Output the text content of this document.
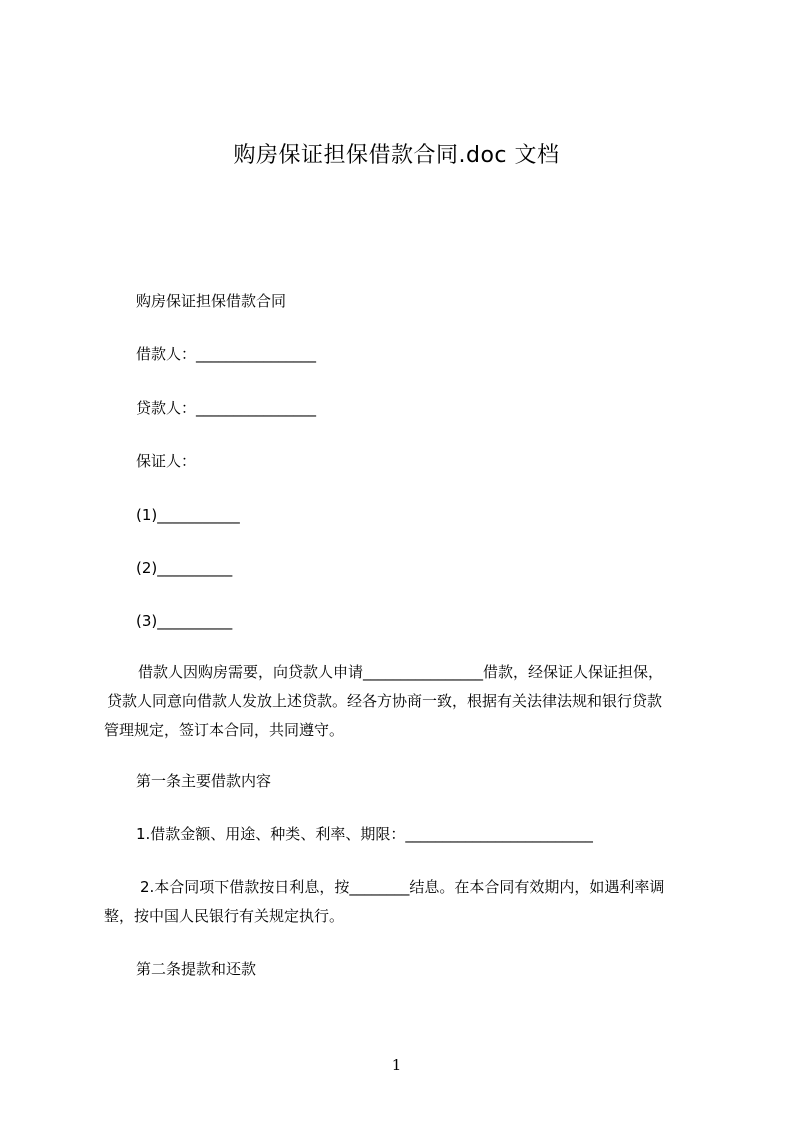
购房保证担保借款合同.doc 文档
购房保证担保借款合同
借款人：________________
贷款人：________________
保证人：
(1)___________
(2)__________
(3)__________
借款人因购房需要，向贷款人申请________________借款，经保证人保证担保，
贷款人同意向借款人发放上述贷款。经各方协商一致，根据有关法律法规和银行贷款
管理规定，签订本合同，共同遵守。
第一条主要借款内容
1.借款金额、用途、种类、利率、期限：_________________________
2.本合同项下借款按日利息，按________结息。在本合同有效期内，如遇利率调
整，按中国人民银行有关规定执行。
第二条提款和还款
1
